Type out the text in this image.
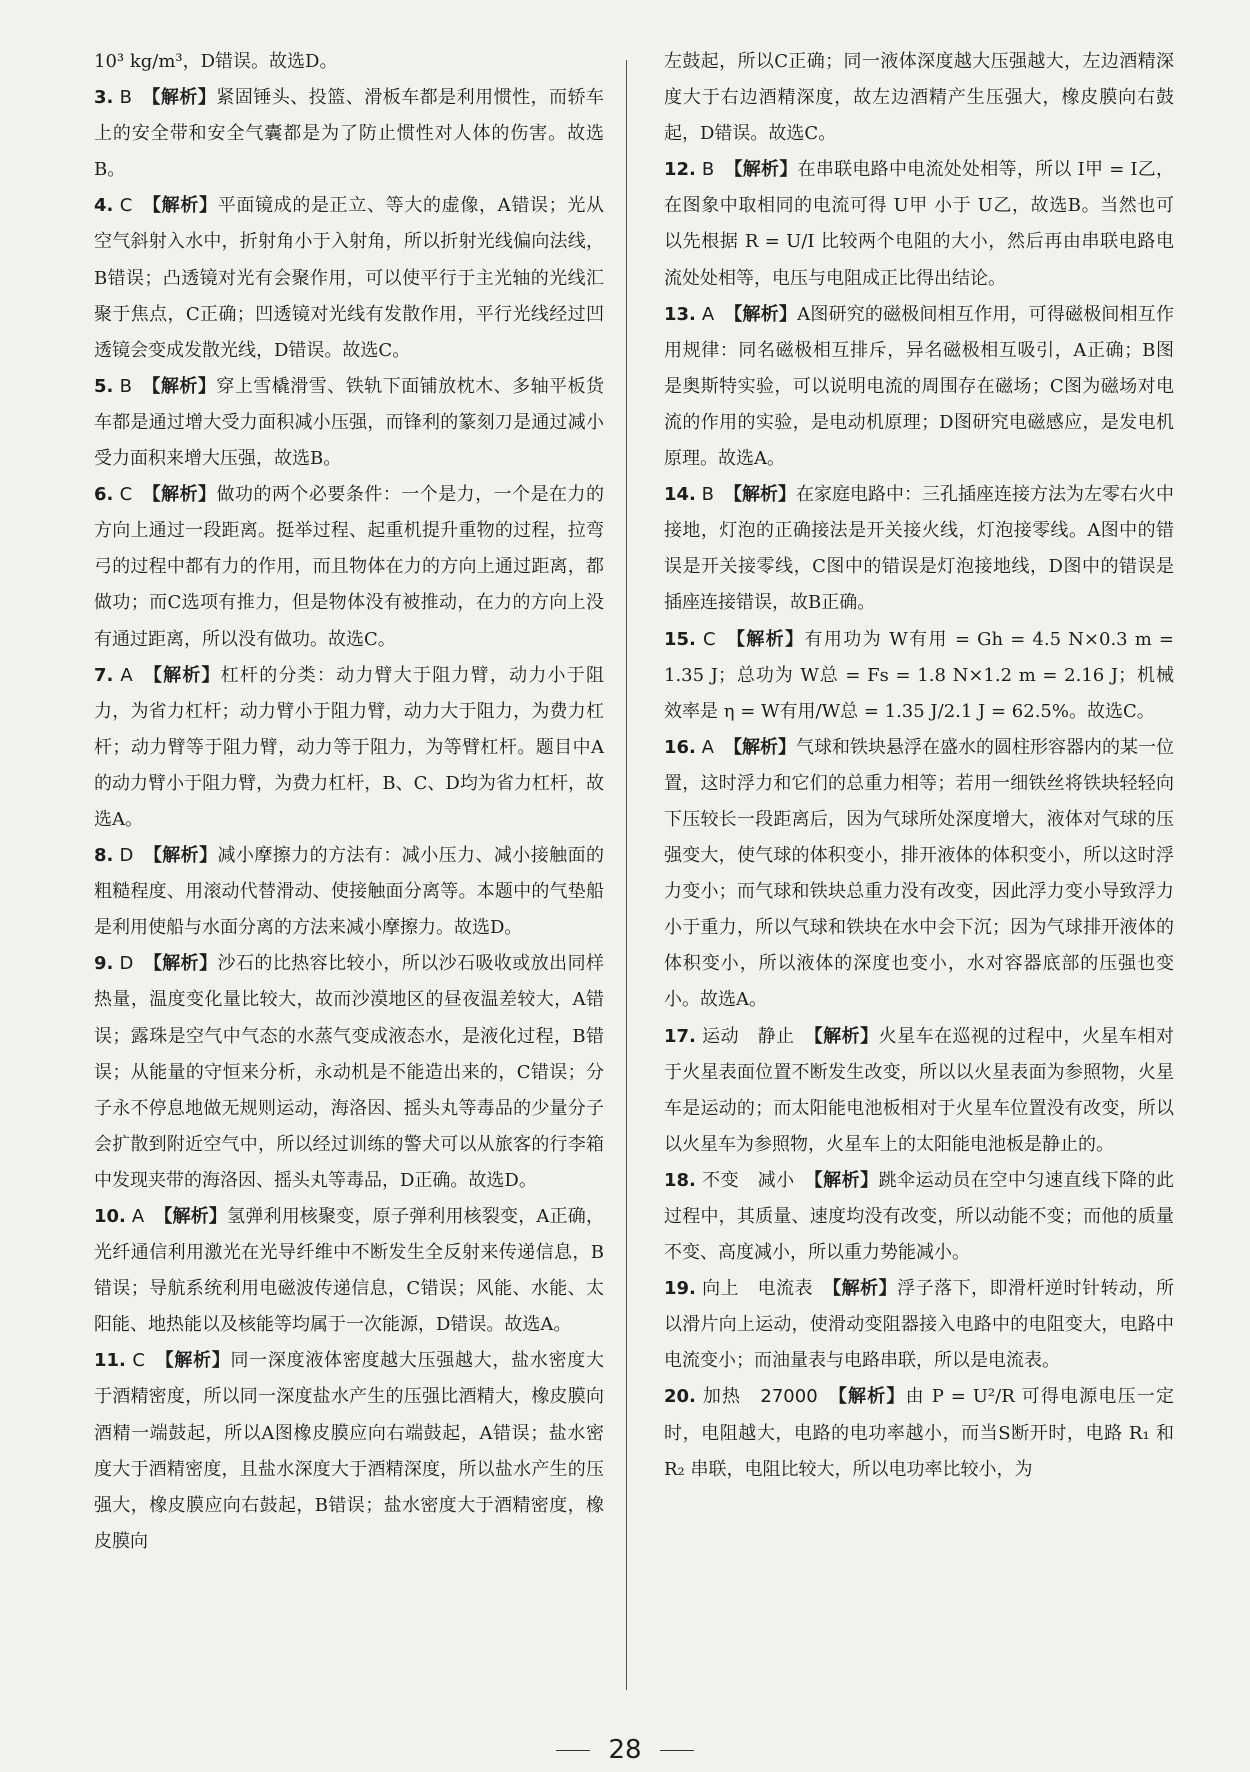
10³ kg/m³，D错误。故选D。

3. B 【解析】紧固锤头、投篮、滑板车都是利用惯性，而轿车上的安全带和安全气囊都是为了防止惯性对人体的伤害。故选B。

4. C 【解析】平面镜成的是正立、等大的虚像，A错误；光从空气斜射入水中，折射角小于入射角，所以折射光线偏向法线，B错误；凸透镜对光有会聚作用，可以使平行于主光轴的光线汇聚于焦点，C正确；凹透镜对光线有发散作用，平行光线经过凹透镜会变成发散光线，D错误。故选C。

5. B 【解析】穿上雪橇滑雪、铁轨下面铺放枕木、多轴平板货车都是通过增大受力面积减小压强，而锋利的篆刻刀是通过减小受力面积来增大压强，故选B。

6. C 【解析】做功的两个必要条件：一个是力，一个是在力的方向上通过一段距离。挺举过程、起重机提升重物的过程，拉弯弓的过程中都有力的作用，而且物体在力的方向上通过距离，都做功；而C选项有推力，但是物体没有被推动，在力的方向上没有通过距离，所以没有做功。故选C。

7. A 【解析】杠杆的分类：动力臂大于阻力臂，动力小于阻力，为省力杠杆；动力臂小于阻力臂，动力大于阻力，为费力杠杆；动力臂等于阻力臂，动力等于阻力，为等臂杠杆。题目中A的动力臂小于阻力臂，为费力杠杆，B、C、D均为省力杠杆，故选A。

8. D 【解析】减小摩擦力的方法有：减小压力、减小接触面的粗糙程度、用滚动代替滑动、使接触面分离等。本题中的气垫船是利用使船与水面分离的方法来减小摩擦力。故选D。

9. D 【解析】沙石的比热容比较小，所以沙石吸收或放出同样热量，温度变化量比较大，故而沙漠地区的昼夜温差较大，A错误；露珠是空气中气态的水蒸气变成液态水，是液化过程，B错误；从能量的守恒来分析，永动机是不能造出来的，C错误；分子永不停息地做无规则运动，海洛因、摇头丸等毒品的少量分子会扩散到附近空气中，所以经过训练的警犬可以从旅客的行李箱中发现夹带的海洛因、摇头丸等毒品，D正确。故选D。

10. A 【解析】氢弹利用核聚变，原子弹利用核裂变，A正确，光纤通信利用激光在光导纤维中不断发生全反射来传递信息，B错误；导航系统利用电磁波传递信息，C错误；风能、水能、太阳能、地热能以及核能等均属于一次能源，D错误。故选A。

11. C 【解析】同一深度液体密度越大压强越大，盐水密度大于酒精密度，所以同一深度盐水产生的压强比酒精大，橡皮膜向酒精一端鼓起，所以A图橡皮膜应向右端鼓起，A错误；盐水密度大于酒精密度，且盐水深度大于酒精深度，所以盐水产生的压强大，橡皮膜应向右鼓起，B错误；盐水密度大于酒精密度，橡皮膜向

左鼓起，所以C正确；同一液体深度越大压强越大，左边酒精深度大于右边酒精深度，故左边酒精产生压强大，橡皮膜向右鼓起，D错误。故选C。

12. B 【解析】在串联电路中电流处处相等，所以 I甲 = I乙，在图象中取相同的电流可得 U甲 小于 U乙，故选B。当然也可以先根据 R = U/I 比较两个电阻的大小，然后再由串联电路电流处处相等，电压与电阻成正比得出结论。

13. A 【解析】A图研究的磁极间相互作用，可得磁极间相互作用规律：同名磁极相互排斥，异名磁极相互吸引，A正确；B图是奥斯特实验，可以说明电流的周围存在磁场；C图为磁场对电流的作用的实验，是电动机原理；D图研究电磁感应，是发电机原理。故选A。

14. B 【解析】在家庭电路中：三孔插座连接方法为左零右火中接地，灯泡的正确接法是开关接火线，灯泡接零线。A图中的错误是开关接零线，C图中的错误是灯泡接地线，D图中的错误是插座连接错误，故B正确。

15. C 【解析】有用功为 W有用 = Gh = 4.5 N×0.3 m = 1.35 J；总功为 W总 = Fs = 1.8 N×1.2 m = 2.16 J；机械效率是 η = W有用/W总 = 1.35 J/2.1 J = 62.5%。故选C。

16. A 【解析】气球和铁块悬浮在盛水的圆柱形容器内的某一位置，这时浮力和它们的总重力相等；若用一细铁丝将铁块轻轻向下压较长一段距离后，因为气球所处深度增大，液体对气球的压强变大，使气球的体积变小，排开液体的体积变小，所以这时浮力变小；而气球和铁块总重力没有改变，因此浮力变小导致浮力小于重力，所以气球和铁块在水中会下沉；因为气球排开液体的体积变小，所以液体的深度也变小，水对容器底部的压强也变小。故选A。

17. 运动　静止 【解析】火星车在巡视的过程中，火星车相对于火星表面位置不断发生改变，所以以火星表面为参照物，火星车是运动的；而太阳能电池板相对于火星车位置没有改变，所以以火星车为参照物，火星车上的太阳能电池板是静止的。

18. 不变　减小 【解析】跳伞运动员在空中匀速直线下降的此过程中，其质量、速度均没有改变，所以动能不变；而他的质量不变、高度减小，所以重力势能减小。

19. 向上　电流表 【解析】浮子落下，即滑杆逆时针转动，所以滑片向上运动，使滑动变阻器接入电路中的电阻变大，电路中电流变小；而油量表与电路串联，所以是电流表。

20. 加热　27000 【解析】由 P = U²/R 可得电源电压一定时，电阻越大，电路的电功率越小，而当S断开时，电路 R₁ 和 R₂ 串联，电阻比较大，所以电功率比较小，为

28
